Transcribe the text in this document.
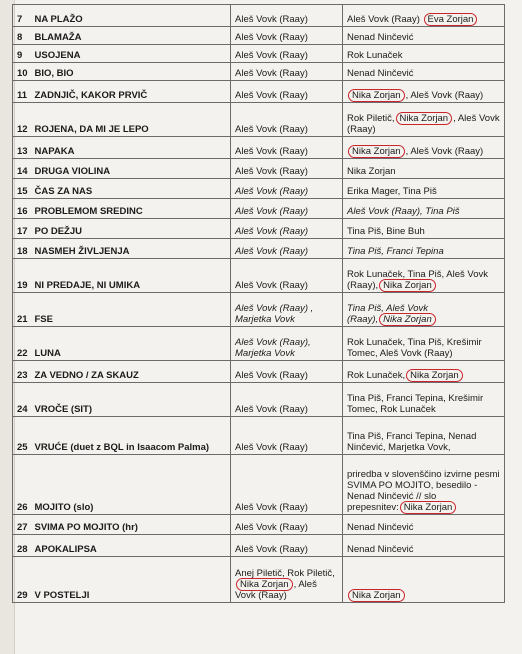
7	NA PLAŽO	Aleš Vovk (Raay)	Aleš Vovk (Raay) Eva Zorjan
8	BLAMAŽA	Aleš Vovk (Raay)	Nenad Ninčević
9	USOJENA	Aleš Vovk (Raay)	Rok Lunaček
10	BIO, BIO	Aleš Vovk (Raay)	Nenad Ninčević
11	ZADNJIČ, KAKOR PRVIČ	Aleš Vovk (Raay)	Nika Zorjan , Aleš Vovk (Raay)
12	ROJENA, DA MI JE LEPO	Aleš Vovk (Raay)	Rok Piletič, Nika Zorjan , Aleš Vovk (Raay)
13	NAPAKA	Aleš Vovk (Raay)	Nika Zorjan , Aleš Vovk (Raay)
14	DRUGA VIOLINA	Aleš Vovk (Raay)	Nika Zorjan
15	ČAS ZA NAS	Aleš Vovk (Raay)	Erika Mager, Tina Piš
16	PROBLEMOM SREDINC	Aleš Vovk (Raay)	Aleš Vovk (Raay), Tina Piš
17	PO DEŽJU	Aleš Vovk (Raay)	Tina Piš, Bine Buh
18	NASMEH ŽIVLJENJA	Aleš Vovk (Raay)	Tina Piš, Franci Tepina
19	NI PREDAJE, NI UMIKA	Aleš Vovk (Raay)	Rok Lunaček, Tina Piš, Aleš Vovk (Raay), Nika Zorjan
21	FSE	Aleš Vovk (Raay) , Marjetka Vovk	Tina Piš, Aleš Vovk (Raay), Nika Zorjan
22	LUNA	Aleš Vovk (Raay), Marjetka Vovk	Rok Lunaček, Tina Piš, Krešimir Tomec, Aleš Vovk (Raay)
23	ZA VEDNO / ZA SKAUZ	Aleš Vovk (Raay)	Rok Lunaček, Nika Zorjan
24	VROČE (SIT)	Aleš Vovk (Raay)	Tina Piš, Franci Tepina, Krešimir Tomec, Rok Lunaček
25	VRUĆE (duet z BQL in Isaacom Palma)	Aleš Vovk (Raay)	Tina Piš, Franci Tepina, Nenad Ninčević, Marjetka Vovk,
26	MOJITO (slo)	Aleš Vovk (Raay)	priredba v slovenščino izvirne pesmi SVIMA PO MOJITO, besedilo - Nenad Ninčević // slo prepesnitev: Nika Zorjan
27	SVIMA PO MOJITO (hr)	Aleš Vovk (Raay)	Nenad Ninčević
28	APOKALIPSA	Aleš Vovk (Raay)	Nenad Ninčević
29	V POSTELJI	Anej Piletič, Rok Piletič, Nika Zorjan , Aleš Vovk (Raay)	Nika Zorjan
